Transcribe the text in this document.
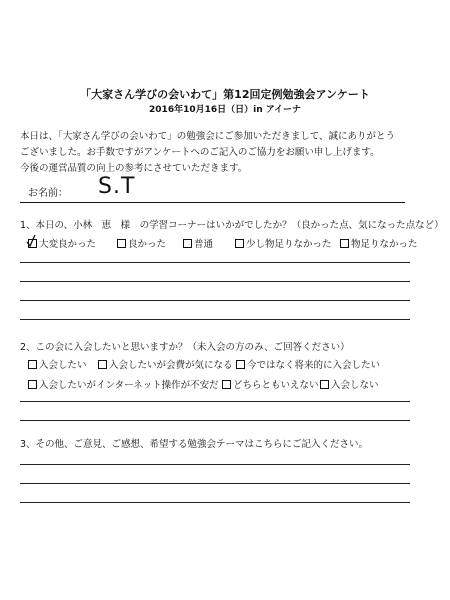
「大家さん学びの会いわて」第12回定例勉強会アンケート
2016年10月16日（日）in アイーナ
本日は、「大家さん学びの会いわて」の勉強会にご参加いただきまして、誠にありがとう
ございました。お手数ですがアンケートへのご記入のご協力をお願い申し上げます。
今後の運営品質の向上の参考にさせていただきます。
お名前： S.T
1、本日の、小林　恵　様　の学習コーナーはいかがでしたか？（良かった点、気になった点など）
大変良かった	良かった	普通	少し物足りなかった	物足りなかった
2、この会に入会したいと思いますか？（未入会の方のみ、ご回答ください）
入会したい	入会したいが会費が気になる	今ではなく将来的に入会したい
入会したいがインターネット操作が不安だ	どちらともいえない	入会しない
3、その他、ご意見、ご感想、希望する勉強会テーマはこちらにご記入ください。
